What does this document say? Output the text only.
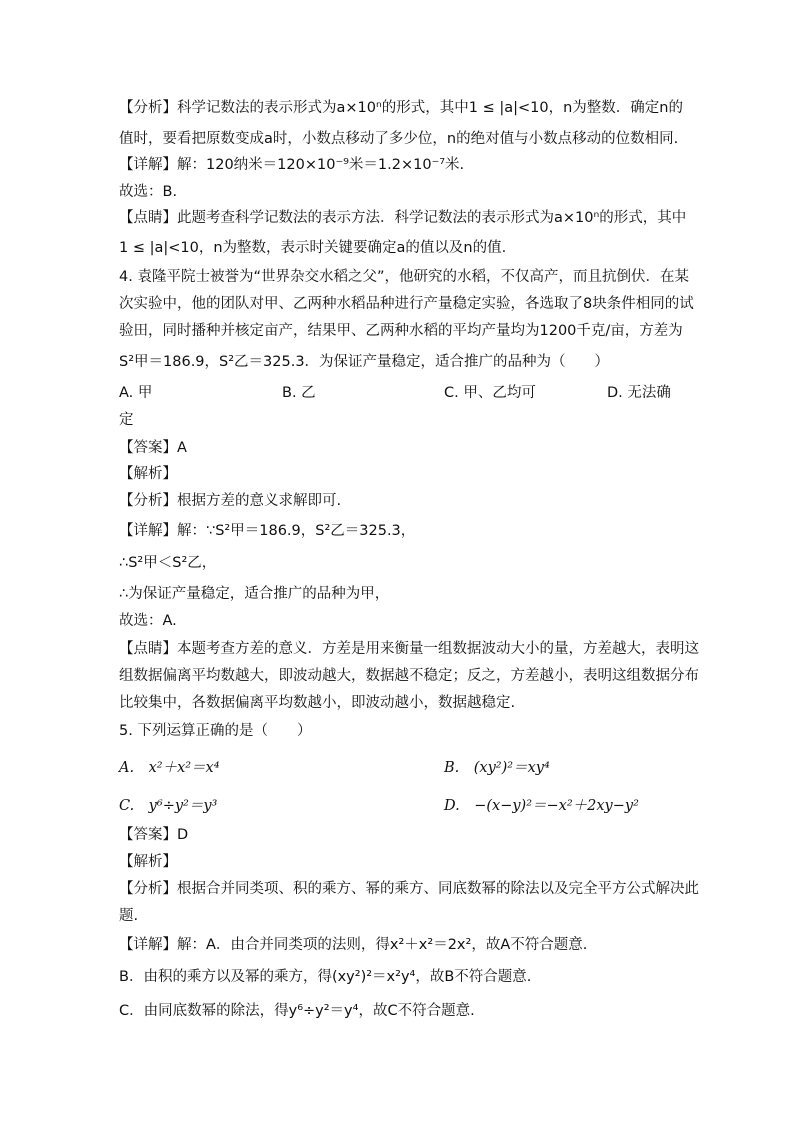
【分析】科学记数法的表示形式为a×10ⁿ的形式，其中1 ≤ |a|<10，n为整数．确定n的
值时，要看把原数变成a时，小数点移动了多少位，n的绝对值与小数点移动的位数相同.
【详解】解：120纳米＝120×10⁻⁹米＝1.2×10⁻⁷米.
故选：B.
【点睛】此题考查科学记数法的表示方法．科学记数法的表示形式为a×10ⁿ的形式，其中
1 ≤ |a|<10，n为整数，表示时关键要确定a的值以及n的值.
4. 袁隆平院士被誉为“世界杂交水稻之父”，他研究的水稻，不仅高产，而且抗倒伏．在某
次实验中，他的团队对甲、乙两种水稻品种进行产量稳定实验，各选取了8块条件相同的试
验田，同时播种并核定亩产，结果甲、乙两种水稻的平均产量均为1200千克/亩，方差为
S²甲＝186.9，S²乙＝325.3．为保证产量稳定，适合推广的品种为（　　）
A. 甲	B. 乙	C. 甲、乙均可	D. 无法确
定
【答案】A
【解析】
【分析】根据方差的意义求解即可.
【详解】解：∵S²甲＝186.9，S²乙＝325.3，
∴S²甲＜S²乙，
∴为保证产量稳定，适合推广的品种为甲，
故选：A.
【点睛】本题考查方差的意义．方差是用来衡量一组数据波动大小的量，方差越大，表明这
组数据偏离平均数越大，即波动越大，数据越不稳定；反之，方差越小，表明这组数据分布
比较集中，各数据偏离平均数越小，即波动越小，数据越稳定.
5. 下列运算正确的是（　　）
A.　x²＋x²＝x⁴	B.　(xy²)²＝xy⁴
C.　y⁶÷y²＝y³	D.　−(x−y)²＝−x²＋2xy−y²
【答案】D
【解析】
【分析】根据合并同类项、积的乘方、幂的乘方、同底数幂的除法以及完全平方公式解决此
题.
【详解】解：A．由合并同类项的法则，得x²＋x²＝2x²，故A不符合题意.
B．由积的乘方以及幂的乘方，得(xy²)²＝x²y⁴，故B不符合题意.
C．由同底数幂的除法，得y⁶÷y²＝y⁴，故C不符合题意.
